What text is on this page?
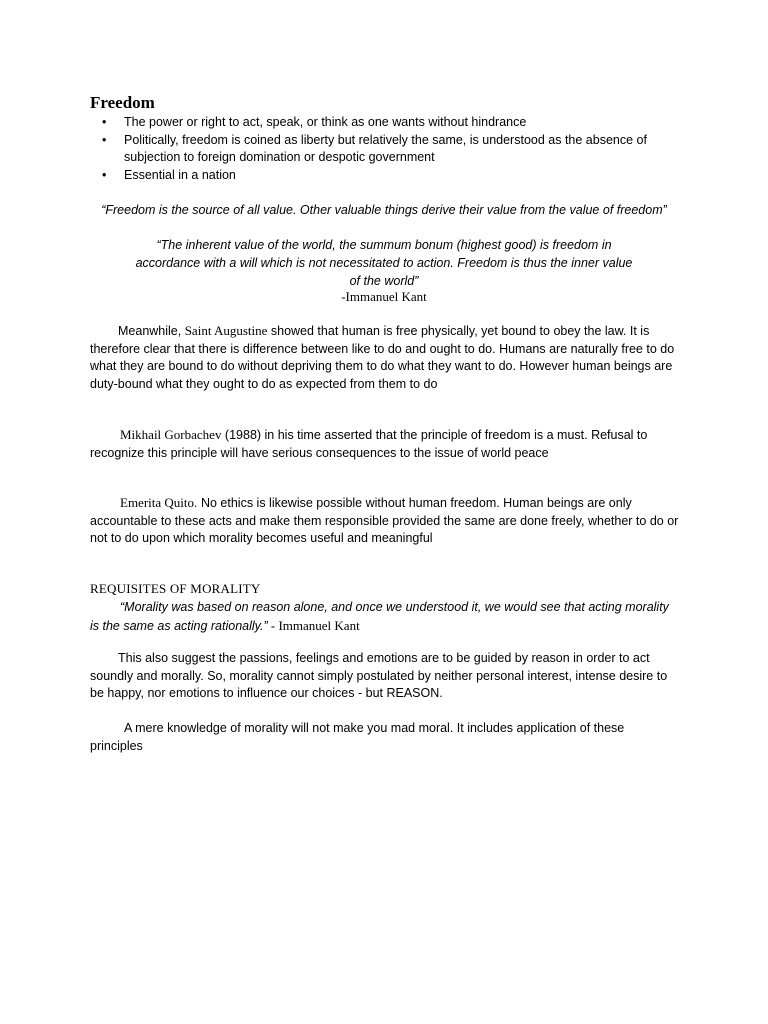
Freedom
• The power or right to act, speak, or think as one wants without hindrance
• Politically, freedom is coined as liberty but relatively the same, is understood as the absence of subjection to foreign domination or despotic government
• Essential in a nation
“Freedom is the source of all value. Other valuable things derive their value from the value of freedom”
“The inherent value of the world, the summum bonum (highest good) is freedom in accordance with a will which is not necessitated to action. Freedom is thus the inner value of the world”
-Immanuel Kant
Meanwhile, Saint Augustine showed that human is free physically, yet bound to obey the law. It is therefore clear that there is difference between like to do and ought to do. Humans are naturally free to do what they are bound to do without depriving them to do what they want to do. However human beings are duty-bound what they ought to do as expected from them to do
Mikhail Gorbachev (1988) in his time asserted that the principle of freedom is a must. Refusal to recognize this principle will have serious consequences to the issue of world peace
Emerita Quito. No ethics is likewise possible without human freedom. Human beings are only accountable to these acts and make them responsible provided the same are done freely, whether to do or not to do upon which morality becomes useful and meaningful
REQUISITES OF MORALITY
“Morality was based on reason alone, and once we understood it, we would see that acting morality is the same as acting rationally.” - Immanuel Kant
This also suggest the passions, feelings and emotions are to be guided by reason in order to act soundly and morally. So, morality cannot simply postulated by neither personal interest, intense desire to be happy, nor emotions to influence our choices - but REASON.
A mere knowledge of morality will not make you mad moral. It includes application of these principles
